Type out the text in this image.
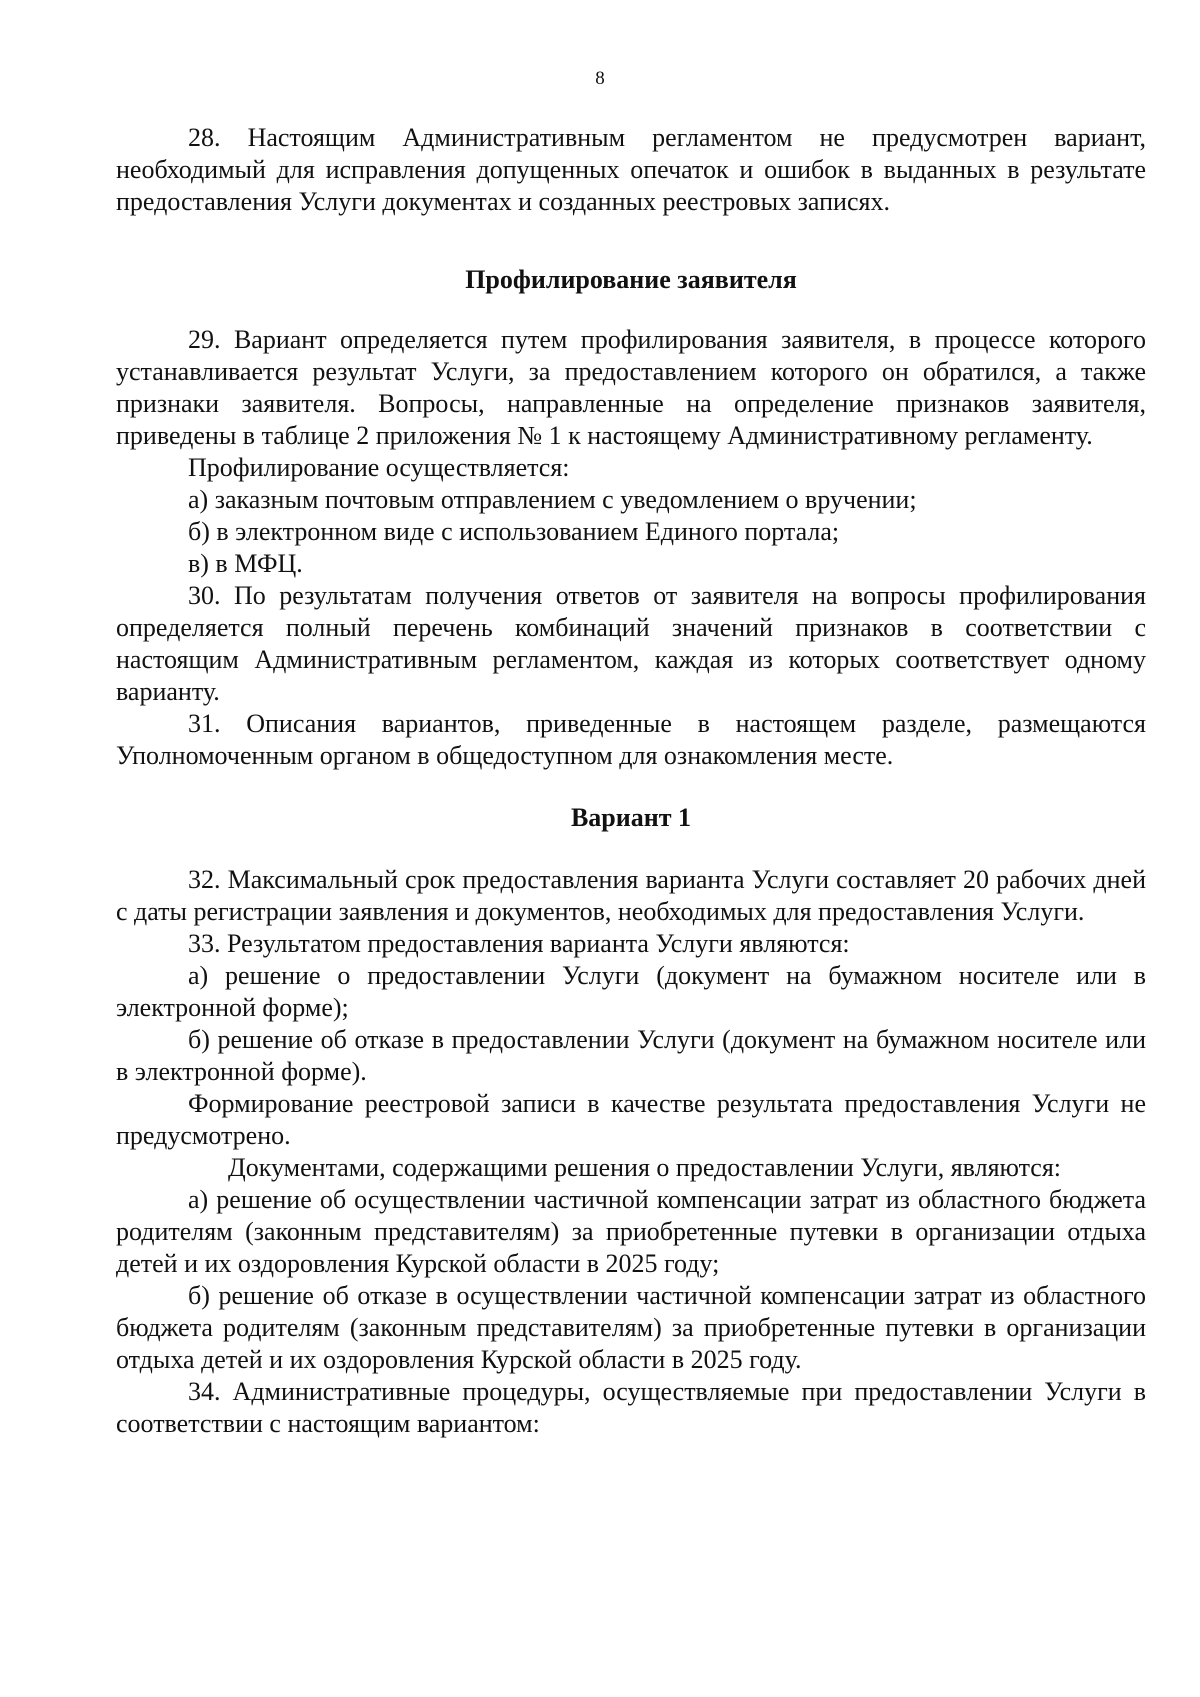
8

28. Настоящим Административным регламентом не предусмотрен вариант, необходимый для исправления допущенных опечаток и ошибок в выданных в результате предоставления Услуги документах и созданных реестровых записях.

Профилирование заявителя

29. Вариант определяется путем профилирования заявителя, в процессе которого устанавливается результат Услуги, за предоставлением которого он обратился, а также признаки заявителя. Вопросы, направленные на определение признаков заявителя, приведены в таблице 2 приложения № 1 к настоящему Административному регламенту.

Профилирование осуществляется:

а) заказным почтовым отправлением с уведомлением о вручении;

б) в электронном виде с использованием Единого портала;

в) в МФЦ.

30. По результатам получения ответов от заявителя на вопросы профилирования определяется полный перечень комбинаций значений признаков в соответствии с настоящим Административным регламентом, каждая из которых соответствует одному варианту.

31. Описания вариантов, приведенные в настоящем разделе, размещаются Уполномоченным органом в общедоступном для ознакомления месте.

Вариант 1

32. Максимальный срок предоставления варианта Услуги составляет 20 рабочих дней с даты регистрации заявления и документов, необходимых для предоставления Услуги.

33. Результатом предоставления варианта Услуги являются:

а) решение о предоставлении Услуги (документ на бумажном носителе или в электронной форме);

б) решение об отказе в предоставлении Услуги (документ на бумажном носителе или в электронной форме).

Формирование реестровой записи в качестве результата предоставления Услуги не предусмотрено.

Документами, содержащими решения о предоставлении Услуги, являются:

а) решение об осуществлении частичной компенсации затрат из областного бюджета родителям (законным представителям) за приобретенные путевки в организации отдыха детей и их оздоровления Курской области в 2025 году;

б) решение об отказе в осуществлении частичной компенсации затрат из областного бюджета родителям (законным представителям) за приобретенные путевки в организации отдыха детей и их оздоровления Курской области в 2025 году.

34. Административные процедуры, осуществляемые при предоставлении Услуги в соответствии с настоящим вариантом:
